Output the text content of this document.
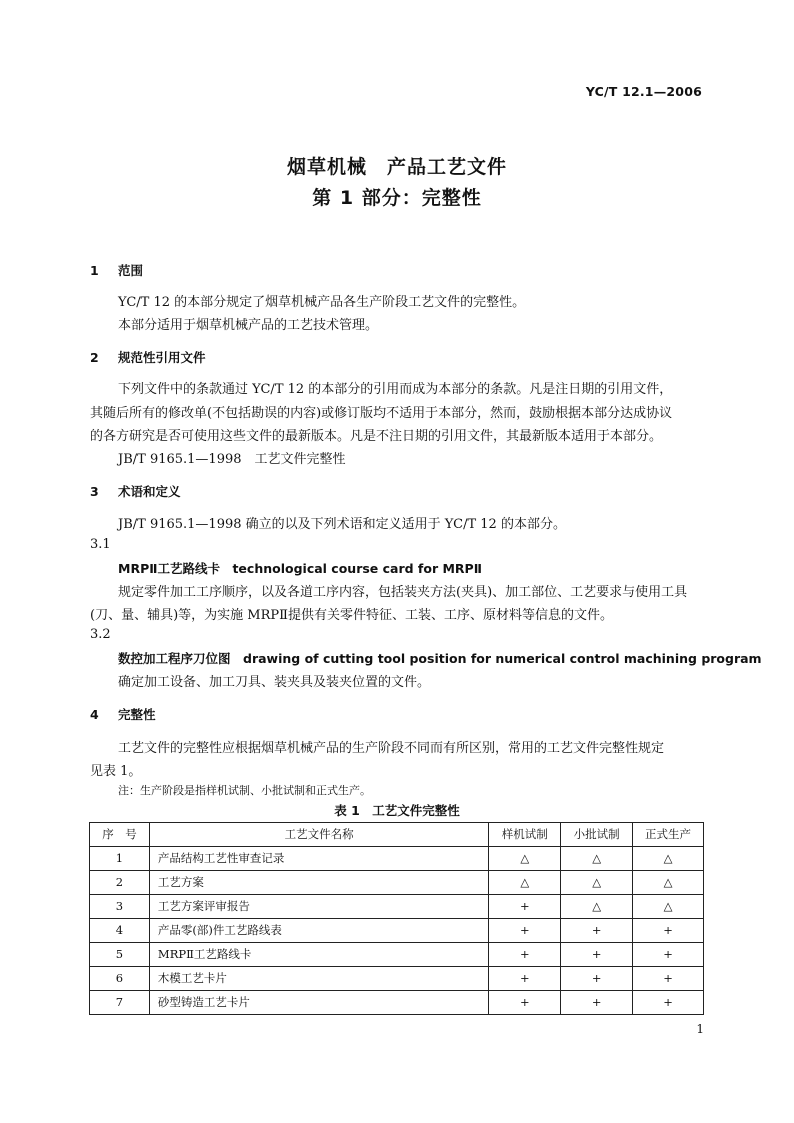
YC/T 12.1—2006
烟草机械　产品工艺文件
第 1 部分：完整性
1 范围
YC/T 12 的本部分规定了烟草机械产品各生产阶段工艺文件的完整性。
本部分适用于烟草机械产品的工艺技术管理。
2 规范性引用文件
下列文件中的条款通过 YC/T 12 的本部分的引用而成为本部分的条款。凡是注日期的引用文件，
其随后所有的修改单(不包括勘误的内容)或修订版均不适用于本部分，然而，鼓励根据本部分达成协议
的各方研究是否可使用这些文件的最新版本。凡是不注日期的引用文件，其最新版本适用于本部分。
JB/T 9165.1—1998　工艺文件完整性
3 术语和定义
JB/T 9165.1—1998 确立的以及下列术语和定义适用于 YC/T 12 的本部分。
3.1
MRPⅡ工艺路线卡　technological course card for MRPⅡ
规定零件加工工序顺序，以及各道工序内容，包括装夹方法(夹具)、加工部位、工艺要求与使用工具
(刀、量、辅具)等，为实施 MRPⅡ提供有关零件特征、工装、工序、原材料等信息的文件。
3.2
数控加工程序刀位图　drawing of cutting tool position for numerical control machining program
确定加工设备、加工刀具、装夹具及装夹位置的文件。
4 完整性
工艺文件的完整性应根据烟草机械产品的生产阶段不同而有所区别，常用的工艺文件完整性规定
见表 1。
注：生产阶段是指样机试制、小批试制和正式生产。
表 1　工艺文件完整性
序　号	工艺文件名称	样机试制	小批试制	正式生产
1	产品结构工艺性审查记录	△	△	△
2	工艺方案	△	△	△
3	工艺方案评审报告	+	△	△
4	产品零(部)件工艺路线表	+	+	+
5	MRPⅡ工艺路线卡	+	+	+
6	木模工艺卡片	+	+	+
7	砂型铸造工艺卡片	+	+	+
1
